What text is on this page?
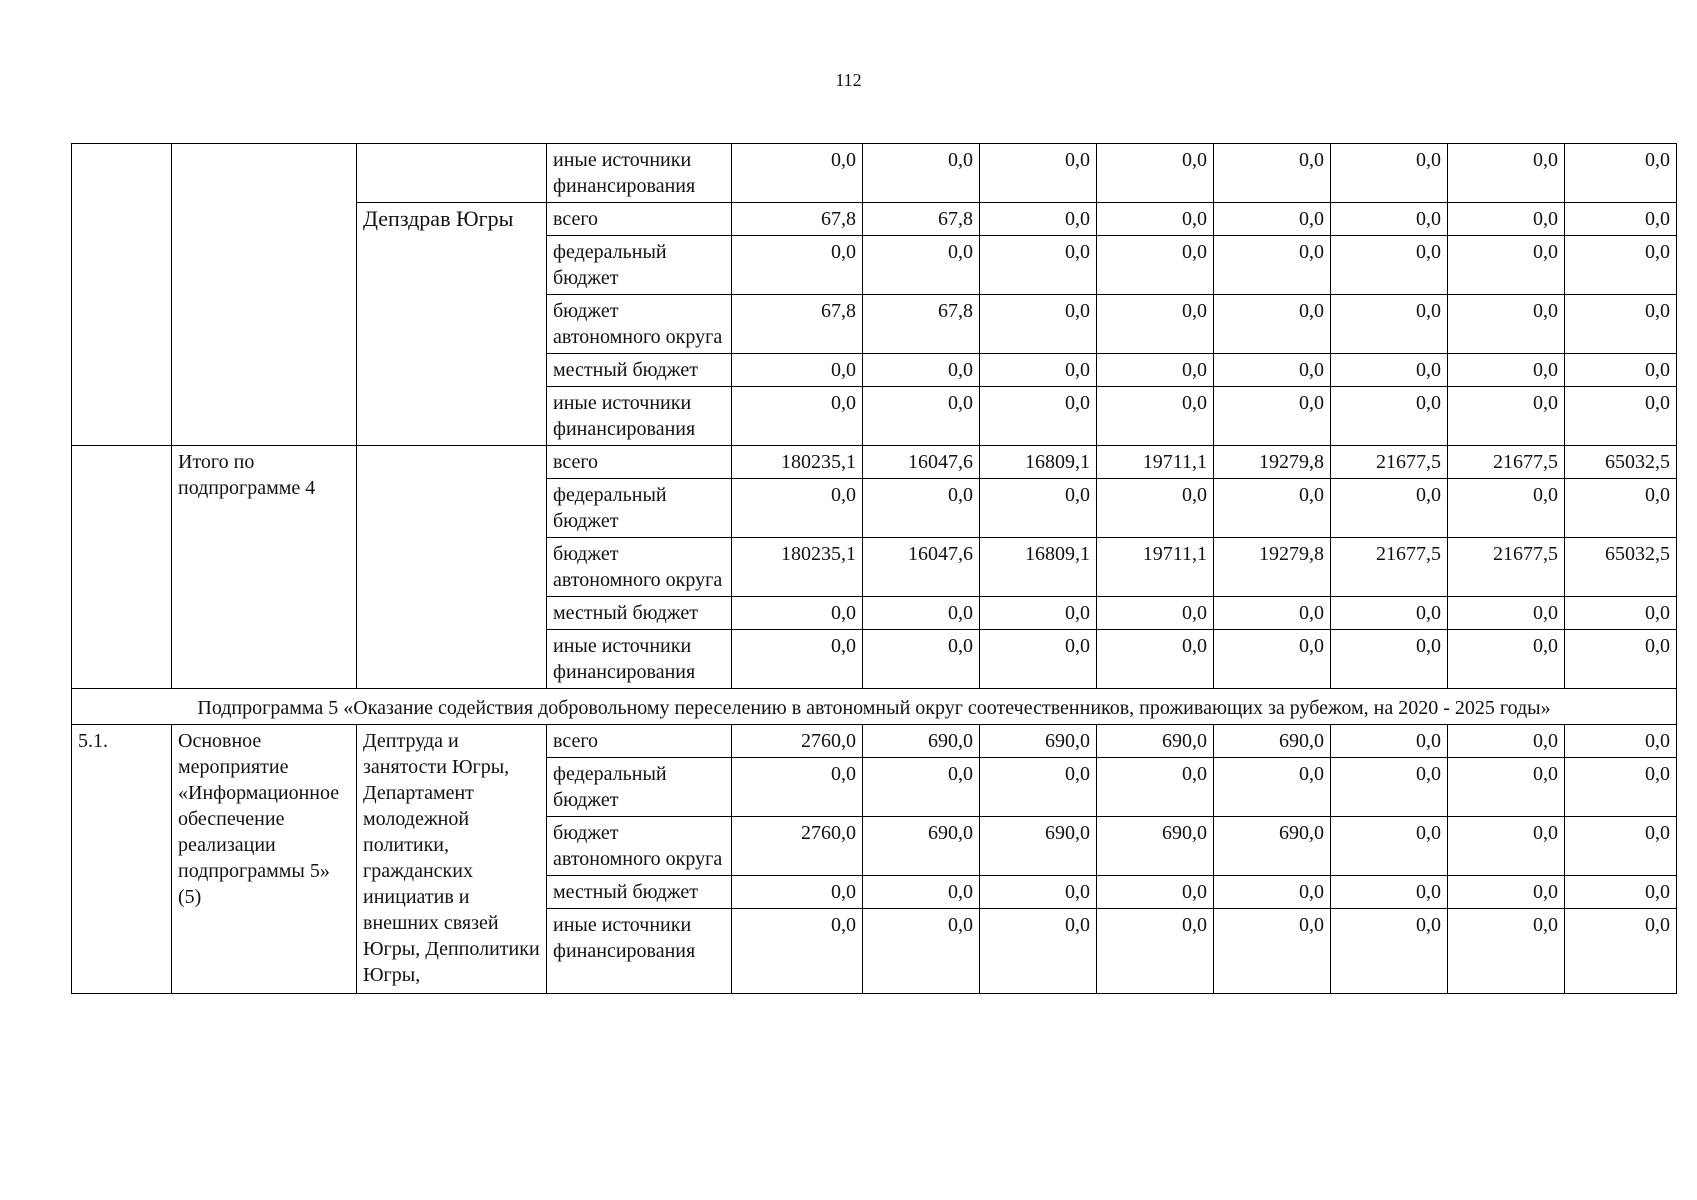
112
			иные источники финансирования	0,0	0,0	0,0	0,0	0,0	0,0	0,0	0,0
		Депздрав Югры	всего	67,8	67,8	0,0	0,0	0,0	0,0	0,0	0,0
			федеральный бюджет	0,0	0,0	0,0	0,0	0,0	0,0	0,0	0,0
			бюджет автономного округа	67,8	67,8	0,0	0,0	0,0	0,0	0,0	0,0
			местный бюджет	0,0	0,0	0,0	0,0	0,0	0,0	0,0	0,0
			иные источники финансирования	0,0	0,0	0,0	0,0	0,0	0,0	0,0	0,0
	Итого по подпрограмме 4		всего	180235,1	16047,6	16809,1	19711,1	19279,8	21677,5	21677,5	65032,5
			федеральный бюджет	0,0	0,0	0,0	0,0	0,0	0,0	0,0	0,0
			бюджет автономного округа	180235,1	16047,6	16809,1	19711,1	19279,8	21677,5	21677,5	65032,5
			местный бюджет	0,0	0,0	0,0	0,0	0,0	0,0	0,0	0,0
			иные источники финансирования	0,0	0,0	0,0	0,0	0,0	0,0	0,0	0,0
Подпрограмма 5 «Оказание содействия добровольному переселению в автономный округ соотечественников, проживающих за рубежом, на 2020 - 2025 годы»											
5.1.	Основное мероприятие «Информационное обеспечение реализации подпрограммы 5» (5)	Дептруда и занятости Югры, Департамент молодежной политики, гражданских инициатив и внешних связей Югры, Депполитики Югры,	всего	2760,0	690,0	690,0	690,0	690,0	0,0	0,0	0,0
			федеральный бюджет	0,0	0,0	0,0	0,0	0,0	0,0	0,0	0,0
			бюджет автономного округа	2760,0	690,0	690,0	690,0	690,0	0,0	0,0	0,0
			местный бюджет	0,0	0,0	0,0	0,0	0,0	0,0	0,0	0,0
			иные источники финансирования	0,0	0,0	0,0	0,0	0,0	0,0	0,0	0,0
